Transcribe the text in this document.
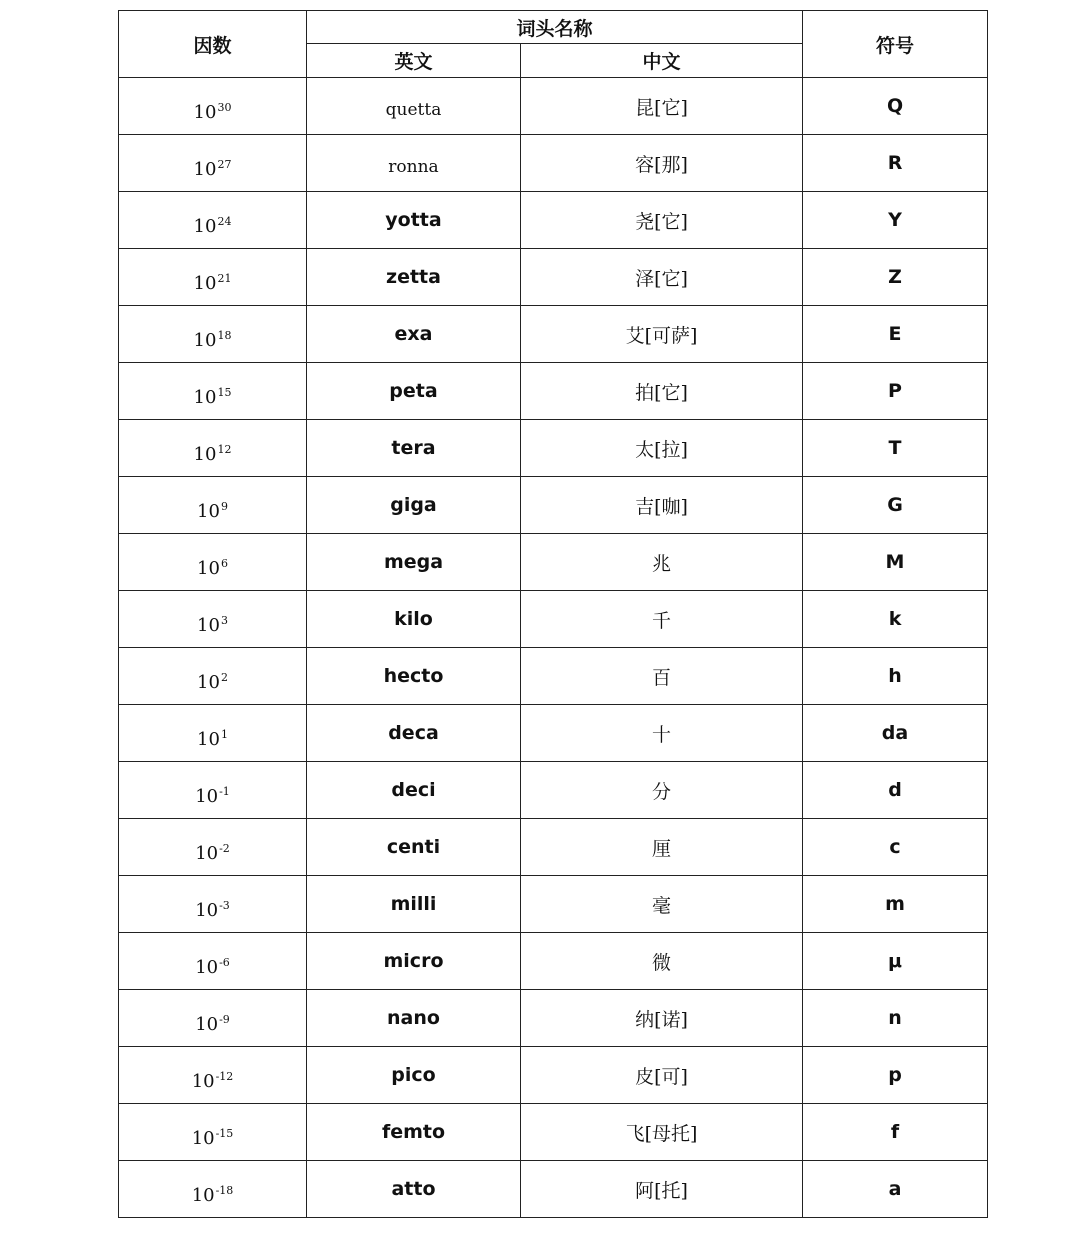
因数	词头名称		符号
	英文	中文	
$10^{30}$	quetta	昆[它]	Q
$10^{27}$	ronna	容[那]	R
$10^{24}$	yotta	尧[它]	Y
$10^{21}$	zetta	泽[它]	Z
$10^{18}$	exa	艾[可萨]	E
$10^{15}$	peta	拍[它]	P
$10^{12}$	tera	太[拉]	T
$10^9$	giga	吉[咖]	G
$10^6$	mega	兆	M
$10^3$	kilo	千	k
$10^2$	hecto	百	h
$10^1$	deca	十	da
$10^{-1}$	deci	分	d
$10^{-2}$	centi	厘	c
$10^{-3}$	milli	毫	m
$10^{-6}$	micro	微	μ
$10^{-9}$	nano	纳[诺]	n
$10^{-12}$	pico	皮[可]	p
$10^{-15}$	femto	飞[母托]	f
$10^{-18}$	atto	阿[托]	a
